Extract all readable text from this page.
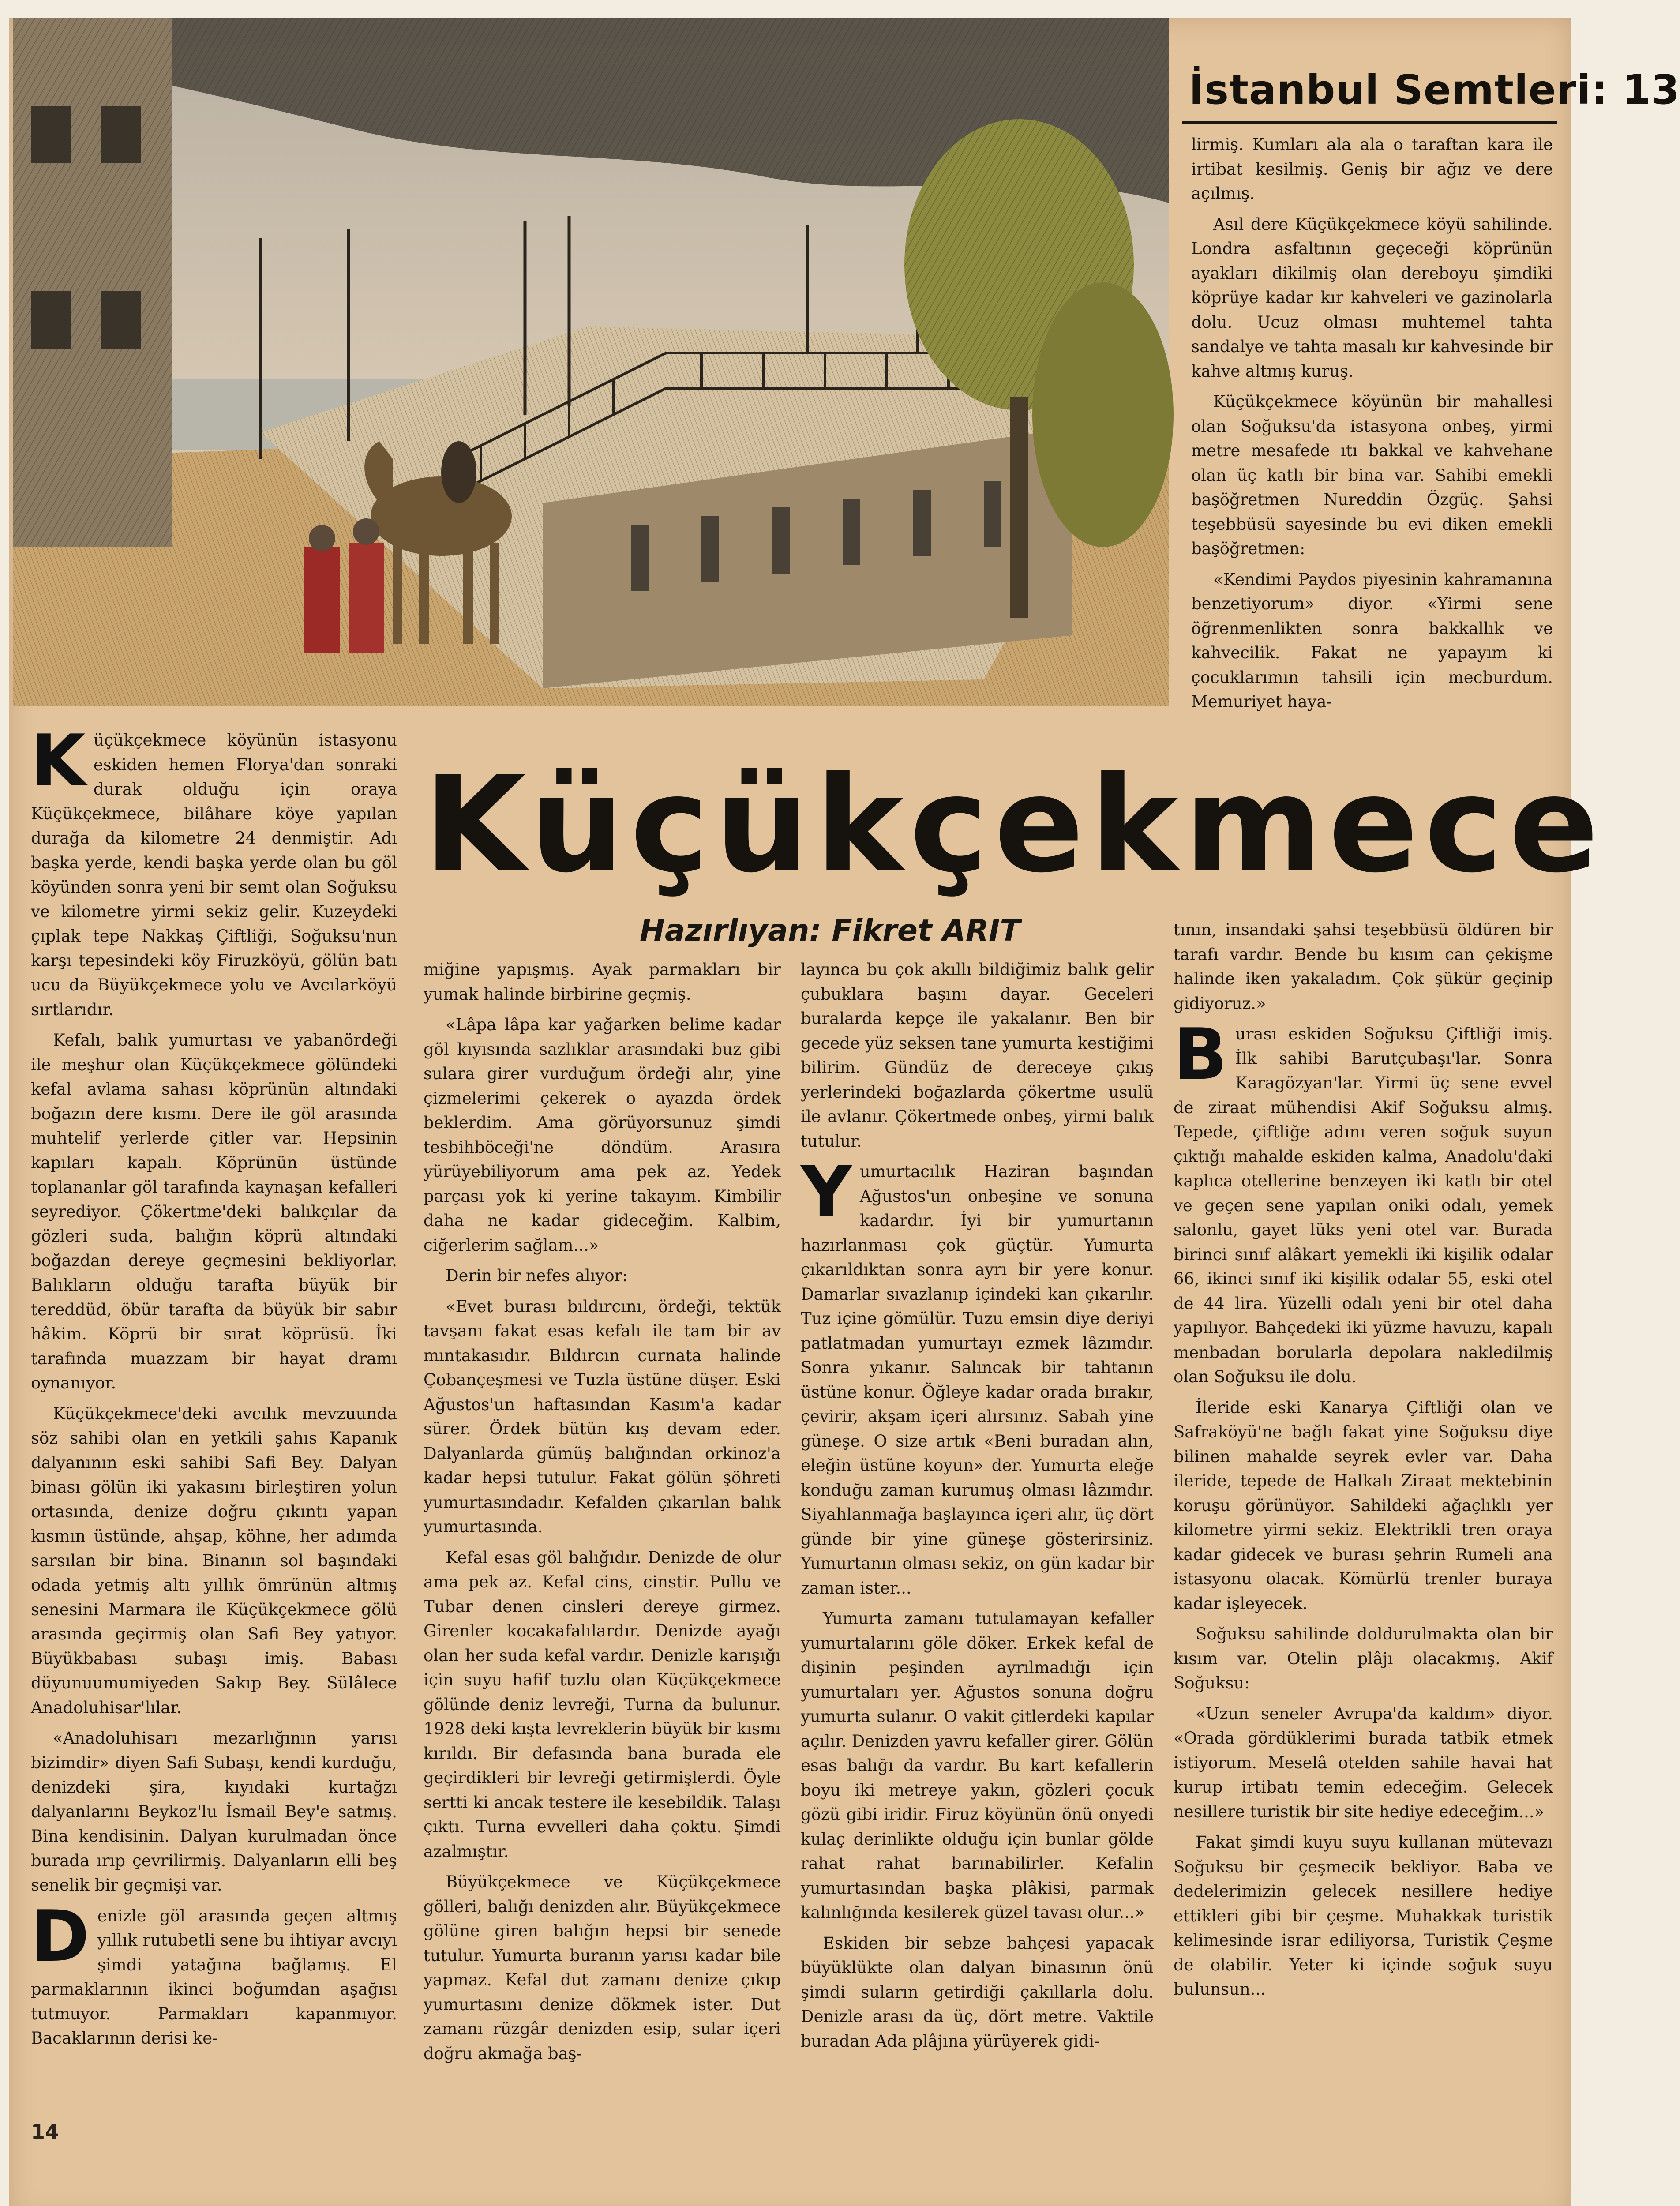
İstanbul Semtleri: 13

lirmiş. Kumları ala ala o taraftan kara ile irtibat kesilmiş. Geniş bir ağız ve dere açılmış.

Asıl dere Küçükçekmece köyü sahilinde. Londra asfaltının geçeceği köprünün ayakları dikilmiş olan dereboyu şimdiki köprüye kadar kır kahveleri ve gazinolarla dolu. Ucuz olması muhtemel tahta sandalye ve tahta masalı kır kahvesinde bir kahve altmış kuruş.

Küçükçekmece köyünün bir mahallesi olan Soğuksu'da istasyona onbeş, yirmi metre mesafede ıtı bakkal ve kahvehane olan üç katlı bir bina var. Sahibi emekli başöğretmen Nureddin Özgüç. Şahsi teşebbüsü sayesinde bu evi diken emekli başöğretmen:

«Kendimi Paydos piyesinin kahramanına benzetiyorum» diyor. «Yirmi sene öğrenmenlikten sonra bakkallık ve kahvecilik. Fakat ne yapayım ki çocuklarımın tahsili için mecburdum. Memuriyet haya-

Küçükçekmece
Hazırlıyan: Fikret ARIT

Küçükçekmece köyünün istasyonu eskiden hemen Florya'dan sonraki durak olduğu için oraya Küçükçekmece, bilâhare köye yapılan durağa da kilometre 24 denmiştir. Adı başka yerde, kendi başka yerde olan bu göl köyünden sonra yeni bir semt olan Soğuksu ve kilometre yirmi sekiz gelir. Kuzeydeki çıplak tepe Nakkaş Çiftliği, Soğuksu'nun karşı tepesindeki köy Firuzköyü, gölün batı ucu da Büyükçekmece yolu ve Avcılarköyü sırtlarıdır.

Kefalı, balık yumurtası ve yabanördeği ile meşhur olan Küçükçekmece gölündeki kefal avlama sahası köprünün altındaki boğazın dere kısmı. Dere ile göl arasında muhtelif yerlerde çitler var. Hepsinin kapıları kapalı. Köprünün üstünde toplananlar göl tarafında kaynaşan kefalleri seyrediyor. Çökertme'deki balıkçılar da gözleri suda, balığın köprü altındaki boğazdan dereye geçmesini bekliyorlar. Balıkların olduğu tarafta büyük bir tereddüd, öbür tarafta da büyük bir sabır hâkim. Köprü bir sırat köprüsü. İki tarafında muazzam bir hayat dramı oynanıyor.

Küçükçekmece'deki avcılık mevzuunda söz sahibi olan en yetkili şahıs Kapanık dalyanının eski sahibi Safi Bey. Dalyan binası gölün iki yakasını birleştiren yolun ortasında, denize doğru çıkıntı yapan kısmın üstünde, ahşap, köhne, her adımda sarsılan bir bina. Binanın sol başındaki odada yetmiş altı yıllık ömrünün altmış senesini Marmara ile Küçükçekmece gölü arasında geçirmiş olan Safi Bey yatıyor. Büyükbabası subaşı imiş. Babası düyunuumumiyeden Sakıp Bey. Sülâlece Anadoluhisar'lılar.

«Anadoluhisarı mezarlığının yarısı bizimdir» diyen Safi Subaşı, kendi kurduğu, denizdeki şira, kıyıdaki kurtağzı dalyanlarını Beykoz'lu İsmail Bey'e satmış. Bina kendisinin. Dalyan kurulmadan önce burada ırıp çevrilirmiş. Dalyanların elli beş senelik bir geçmişi var.

Denizle göl arasında geçen altmış yıllık rutubetli sene bu ihtiyar avcıyı şimdi yatağına bağlamış. El parmaklarının ikinci boğumdan aşağısı tutmuyor. Parmakları kapanmıyor. Bacaklarının derisi ke-

miğine yapışmış. Ayak parmakları bir yumak halinde birbirine geçmiş.

«Lâpa lâpa kar yağarken belime kadar göl kıyısında sazlıklar arasındaki buz gibi sulara girer vurduğum ördeği alır, yine çizmelerimi çekerek o ayazda ördek beklerdim. Ama görüyorsunuz şimdi tesbihböceği'ne döndüm. Arasıra yürüyebiliyorum ama pek az. Yedek parçası yok ki yerine takayım. Kimbilir daha ne kadar gideceğim. Kalbim, ciğerlerim sağlam...»

Derin bir nefes alıyor:

«Evet burası bıldırcını, ördeği, tektük tavşanı fakat esas kefalı ile tam bir av mıntakasıdır. Bıldırcın curnata halinde Çobançeşmesi ve Tuzla üstüne düşer. Eski Ağustos'un haftasından Kasım'a kadar sürer. Ördek bütün kış devam eder. Dalyanlarda gümüş balığından orkinoz'a kadar hepsi tutulur. Fakat gölün şöhreti yumurtasındadır. Kefalden çıkarılan balık yumurtasında.

Kefal esas göl balığıdır. Denizde de olur ama pek az. Kefal cins, cinstir. Pullu ve Tubar denen cinsleri dereye girmez. Girenler kocakafalılardır. Denizde ayağı olan her suda kefal vardır. Denizle karışığı için suyu hafif tuzlu olan Küçükçekmece gölünde deniz levreği, Turna da bulunur. 1928 deki kışta levreklerin büyük bir kısmı kırıldı. Bir defasında bana burada ele geçirdikleri bir levreği getirmişlerdi. Öyle sertti ki ancak testere ile kesebildik. Talaşı çıktı. Turna evvelleri daha çoktu. Şimdi azalmıştır.

Büyükçekmece ve Küçükçekmece gölleri, balığı denizden alır. Büyükçekmece gölüne giren balığın hepsi bir senede tutulur. Yumurta buranın yarısı kadar bile yapmaz. Kefal dut zamanı denize çıkıp yumurtasını denize dökmek ister. Dut zamanı rüzgâr denizden esip, sular içeri doğru akmağa baş-

layınca bu çok akıllı bildiğimiz balık gelir çubuklara başını dayar. Geceleri buralarda kepçe ile yakalanır. Ben bir gecede yüz seksen tane yumurta kestiğimi bilirim. Gündüz de dereceye çıkış yerlerindeki boğazlarda çökertme usulü ile avlanır. Çökertmede onbeş, yirmi balık tutulur.

Yumurtacılık Haziran başından Ağustos'un onbeşine ve sonuna kadardır. İyi bir yumurtanın hazırlanması çok güçtür. Yumurta çıkarıldıktan sonra ayrı bir yere konur. Damarlar sıvazlanıp içindeki kan çıkarılır. Tuz içine gömülür. Tuzu emsin diye deriyi patlatmadan yumurtayı ezmek lâzımdır. Sonra yıkanır. Salıncak bir tahtanın üstüne konur. Öğleye kadar orada bırakır, çevirir, akşam içeri alırsınız. Sabah yine güneşe. O size artık «Beni buradan alın, eleğin üstüne koyun» der. Yumurta eleğe konduğu zaman kurumuş olması lâzımdır. Siyahlanmağa başlayınca içeri alır, üç dört günde bir yine güneşe gösterirsiniz. Yumurtanın olması sekiz, on gün kadar bir zaman ister...

Yumurta zamanı tutulamayan kefaller yumurtalarını göle döker. Erkek kefal de dişinin peşinden ayrılmadığı için yumurtaları yer. Ağustos sonuna doğru yumurta sulanır. O vakit çitlerdeki kapılar açılır. Denizden yavru kefaller girer. Gölün esas balığı da vardır. Bu kart kefallerin boyu iki metreye yakın, gözleri çocuk gözü gibi iridir. Firuz köyünün önü onyedi kulaç derinlikte olduğu için bunlar gölde rahat rahat barınabilirler. Kefalin yumurtasından başka plâkisi, parmak kalınlığında kesilerek güzel tavası olur...»

Eskiden bir sebze bahçesi yapacak büyüklükte olan dalyan binasının önü şimdi suların getirdiği çakıllarla dolu. Denizle arası da üç, dört metre. Vaktile buradan Ada plâjına yürüyerek gidi-

tının, insandaki şahsi teşebbüsü öldüren bir tarafı vardır. Bende bu kısım can çekişme halinde iken yakaladım. Çok şükür geçinip gidiyoruz.»

Burası eskiden Soğuksu Çiftliği imiş. İlk sahibi Barutçubaşı'lar. Sonra Karagözyan'lar. Yirmi üç sene evvel de ziraat mühendisi Akif Soğuksu almış. Tepede, çiftliğe adını veren soğuk suyun çıktığı mahalde eskiden kalma, Anadolu'daki kaplıca otellerine benzeyen iki katlı bir otel ve geçen sene yapılan oniki odalı, yemek salonlu, gayet lüks yeni otel var. Burada birinci sınıf alâkart yemekli iki kişilik odalar 66, ikinci sınıf iki kişilik odalar 55, eski otel de 44 lira. Yüzelli odalı yeni bir otel daha yapılıyor. Bahçedeki iki yüzme havuzu, kapalı menbadan borularla depolara nakledilmiş olan Soğuksu ile dolu.

İleride eski Kanarya Çiftliği olan ve Safraköyü'ne bağlı fakat yine Soğuksu diye bilinen mahalde seyrek evler var. Daha ileride, tepede de Halkalı Ziraat mektebinin koruşu görünüyor. Sahildeki ağaçlıklı yer kilometre yirmi sekiz. Elektrikli tren oraya kadar gidecek ve burası şehrin Rumeli ana istasyonu olacak. Kömürlü trenler buraya kadar işleyecek.

Soğuksu sahilinde doldurulmakta olan bir kısım var. Otelin plâjı olacakmış. Akif Soğuksu:

«Uzun seneler Avrupa'da kaldım» diyor. «Orada gördüklerimi burada tatbik etmek istiyorum. Meselâ otelden sahile havai hat kurup irtibatı temin edeceğim. Gelecek nesillere turistik bir site hediye edeceğim...»

Fakat şimdi kuyu suyu kullanan mütevazı Soğuksu bir çeşmecik bekliyor. Baba ve dedelerimizin gelecek nesillere hediye ettikleri gibi bir çeşme. Muhakkak turistik kelimesinde israr ediliyorsa, Turistik Çeşme de olabilir. Yeter ki içinde soğuk suyu bulunsun...

14
